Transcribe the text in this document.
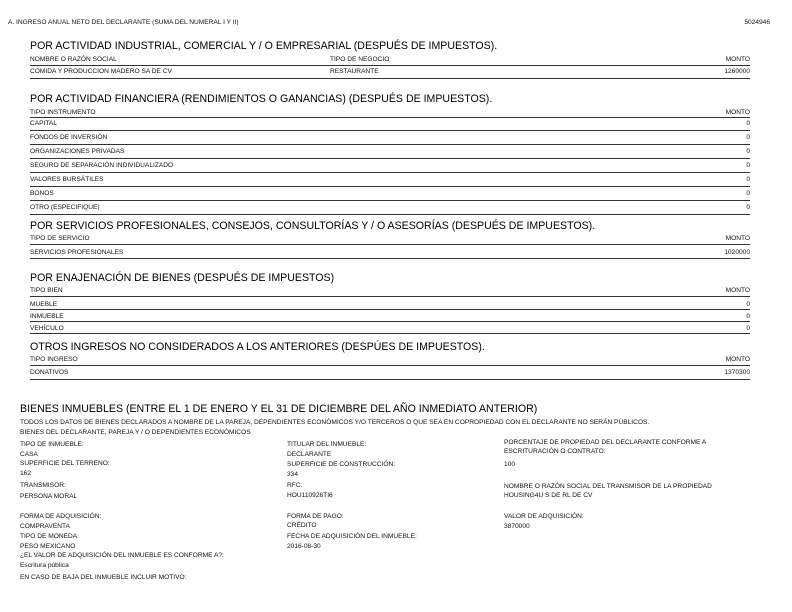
A. INGRESO ANUAL NETO DEL DECLARANTE (SUMA DEL NUMERAL I Y II)	5024946
POR ACTIVIDAD INDUSTRIAL, COMERCIAL Y / O EMPRESARIAL (DESPUÉS DE IMPUESTOS).
NOMBRE O RAZÓN SOCIAL	TIPO DE NEGOCIO	MONTO
COMIDA Y PRODUCCION MADERO SA DE CV	RESTAURANTE	1260000
POR ACTIVIDAD FINANCIERA (RENDIMIENTOS O GANANCIAS) (DESPUÉS DE IMPUESTOS).
TIPO INSTRUMENTO	MONTO
CAPITAL	0
FONDOS DE INVERSIÓN	0
ORGANIZACIONES PRIVADAS	0
SEGURO DE SEPARACIÓN INDIVIDUALIZADO	0
VALORES BURSÁTILES	0
BONOS	0
OTRO (ESPECIFIQUE)	0
POR SERVICIOS PROFESIONALES, CONSEJOS, CONSULTORÍAS Y / O ASESORÍAS (DESPUÉS DE IMPUESTOS).
TIPO DE SERVICIO	MONTO
SERVICIOS PROFESIONALES	1020000
POR ENAJENACIÓN DE BIENES (DESPUÉS DE IMPUESTOS)
TIPO BIEN	MONTO
MUEBLE	0
INMUEBLE	0
VEHÍCULO	0
OTROS INGRESOS NO CONSIDERADOS A LOS ANTERIORES (DESPÚES DE IMPUESTOS).
TIPO INGRESO	MONTO
DONATIVOS	1370300
BIENES INMUEBLES (ENTRE EL 1 DE ENERO Y EL 31 DE DICIEMBRE DEL AÑO INMEDIATO ANTERIOR)
TODOS LOS DATOS DE BIENES DECLARADOS A NOMBRE DE LA PAREJA, DEPENDIENTES ECONÓMICOS Y/O TERCEROS O QUE SEA EN COPROPIEDAD CON EL DECLARANTE NO SERÁN PÚBLICOS.
BIENES DEL DECLARANTE, PAREJA Y / O DEPENDIENTES ECONÓMICOS
TIPO DE INMUEBLE:
CASA
SUPERFICIE DEL TERRENO:
162
TRANSMISOR:
PERSONA MORAL
FORMA DE ADQUISICIÓN:
COMPRAVENTA
TIPO DE MONEDA:
PESO MEXICANO
¿EL VALOR DE ADQUISICIÓN DEL INMUEBLE ES CONFORME A?:
Escritura pública
EN CASO DE BAJA DEL INMUEBLE INCLUIR MOTIVO:
TITULAR DEL INMUEBLE:
DECLARANTE
SUPERFICIE DE CONSTRUCCIÓN:
334
RFC:
HOU110926TI6
FORMA DE PAGO:
CRÉDITO
FECHA DE ADQUISICIÓN DEL INMUEBLE:
2016-08-30
PORCENTAJE DE PROPIEDAD DEL DECLARANTE CONFORME A
ESCRITURACIÓN O CONTRATO:
100
NOMBRE O RAZÓN SOCIAL DEL TRANSMISOR DE LA PROPIEDAD
HOUSING4U S DE RL DE CV
VALOR DE ADQUISICIÓN:
3870000
